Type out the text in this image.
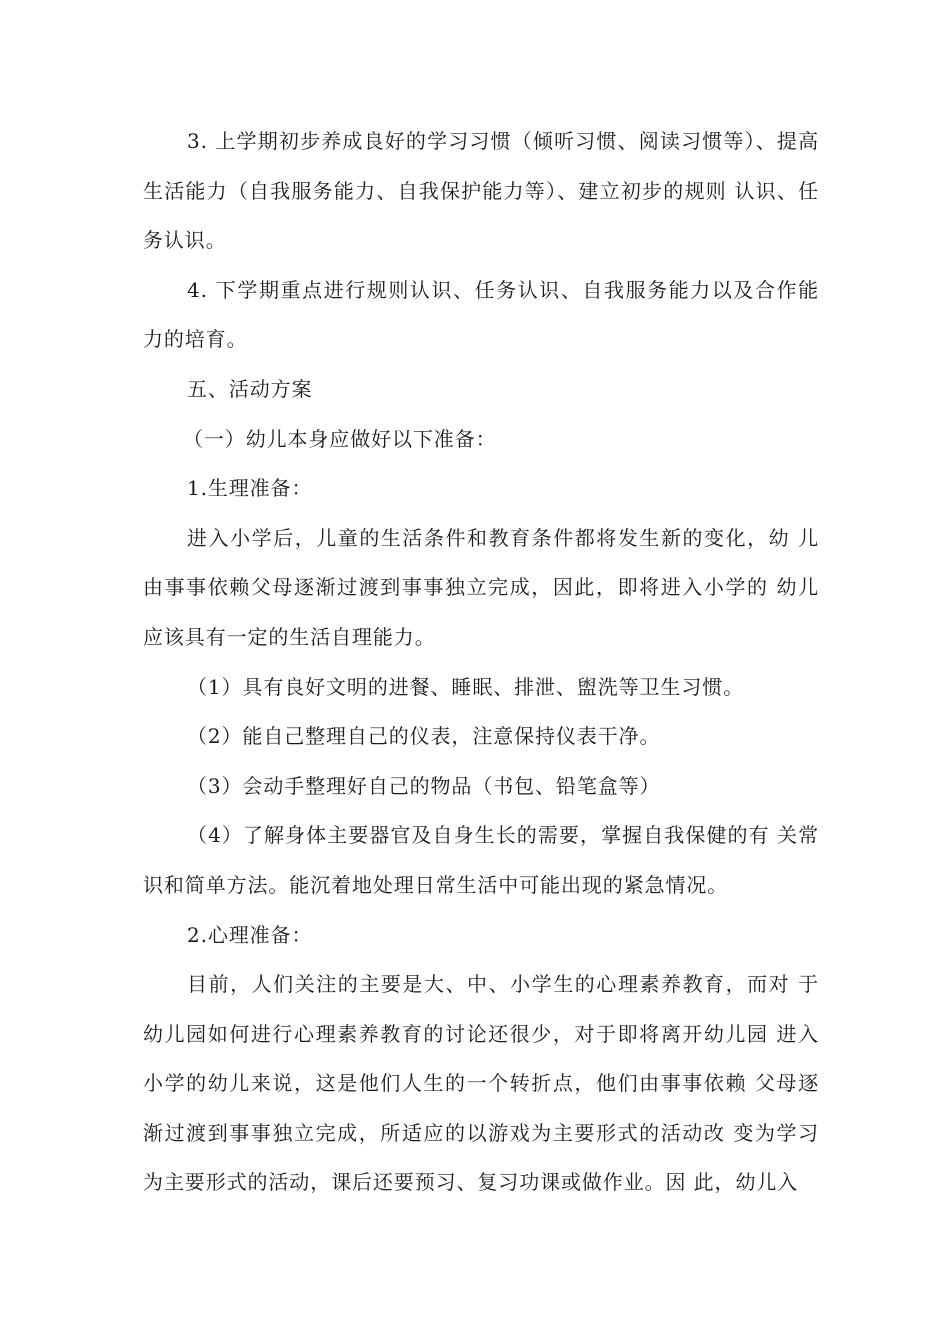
3. 上学期初步养成良好的学习习惯（倾听习惯、阅读习惯等）、提高生活能力（自我服务能力、自我保护能力等）、建立初步的规则 认识、任务认识。

4. 下学期重点进行规则认识、任务认识、自我服务能力以及合作能力的培育。

五、活动方案

（一）幼儿本身应做好以下准备：

1.生理准备：

进入小学后，儿童的生活条件和教育条件都将发生新的变化，幼 儿由事事依赖父母逐渐过渡到事事独立完成，因此，即将进入小学的 幼儿应该具有一定的生活自理能力。

（1）具有良好文明的进餐、睡眠、排泄、盥洗等卫生习惯。

（2）能自己整理自己的仪表，注意保持仪表干净。

（3）会动手整理好自己的物品（书包、铅笔盒等）

（4）了解身体主要器官及自身生长的需要，掌握自我保健的有 关常识和简单方法。能沉着地处理日常生活中可能出现的紧急情况。

2.心理准备：

目前，人们关注的主要是大、中、小学生的心理素养教育，而对 于幼儿园如何进行心理素养教育的讨论还很少，对于即将离开幼儿园 进入小学的幼儿来说，这是他们人生的一个转折点，他们由事事依赖 父母逐渐过渡到事事独立完成，所适应的以游戏为主要形式的活动改 变为学习为主要形式的活动，课后还要预习、复习功课或做作业。因 此，幼儿入
